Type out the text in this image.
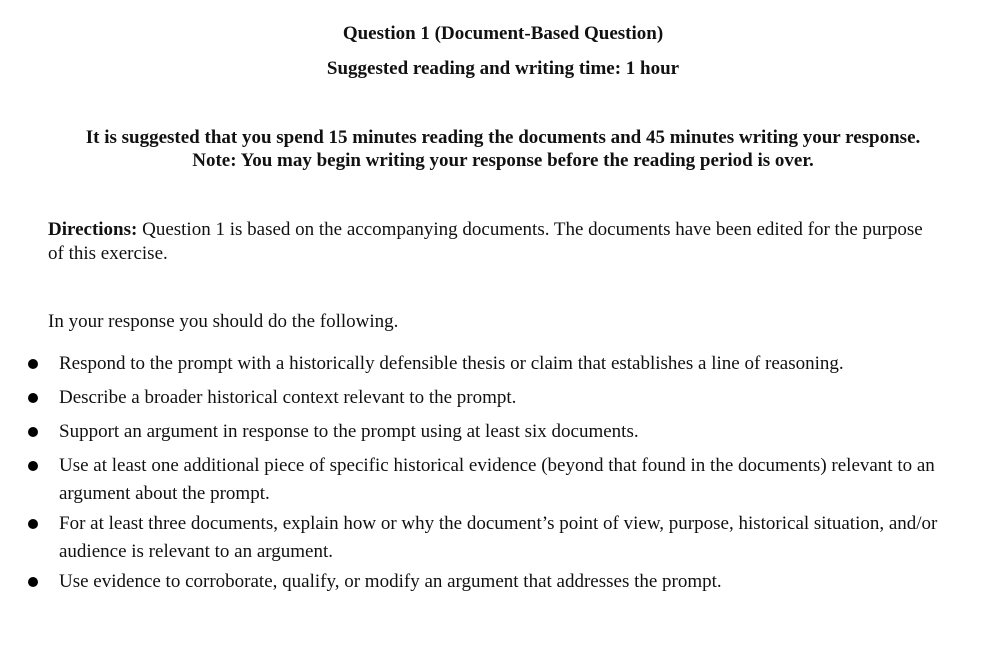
Question 1 (Document-Based Question)
Suggested reading and writing time: 1 hour
It is suggested that you spend 15 minutes reading the documents and 45 minutes writing your response.
Note: You may begin writing your response before the reading period is over.
Directions: Question 1 is based on the accompanying documents. The documents have been edited for the purpose of this exercise.
In your response you should do the following.
Respond to the prompt with a historically defensible thesis or claim that establishes a line of reasoning.
Describe a broader historical context relevant to the prompt.
Support an argument in response to the prompt using at least six documents.
Use at least one additional piece of specific historical evidence (beyond that found in the documents) relevant to an argument about the prompt.
For at least three documents, explain how or why the document’s point of view, purpose, historical situation, and/or audience is relevant to an argument.
Use evidence to corroborate, qualify, or modify an argument that addresses the prompt.
